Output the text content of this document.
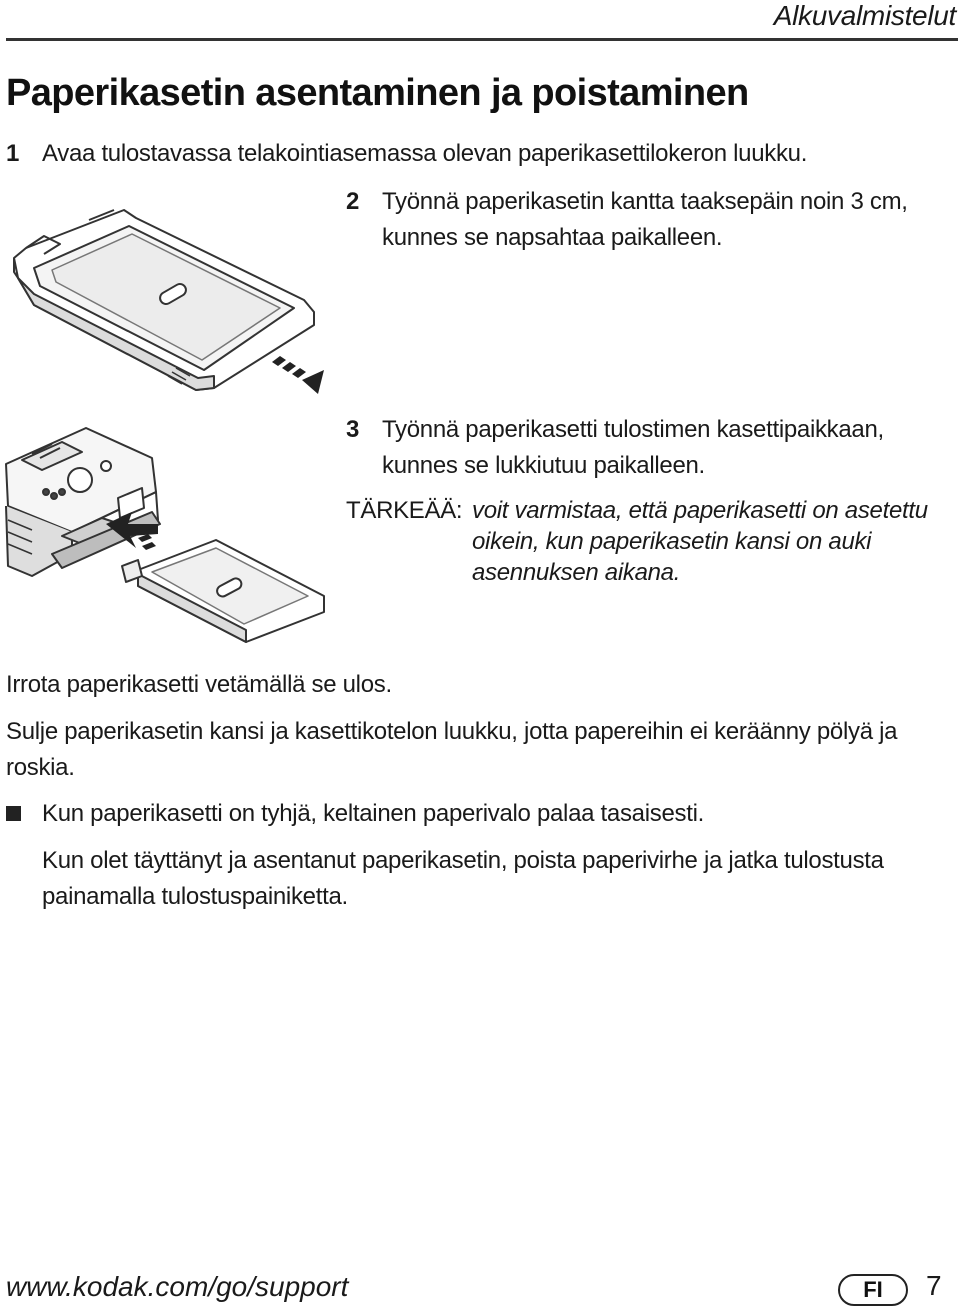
Alkuvalmistelut
Paperikasetin asentaminen ja poistaminen
1 Avaa tulostavassa telakointiasemassa olevan paperikasettilokeron luukku.
2 Työnnä paperikasetin kantta taaksepäin noin 3 cm,
kunnes se napsahtaa paikalleen.
3 Työnnä paperikasetti tulostimen kasettipaikkaan,
kunnes se lukkiutuu paikalleen.
TÄRKEÄÄ: voit varmistaa, että paperikasetti on asetettu
oikein, kun paperikasetin kansi on auki
asennuksen aikana.
Irrota paperikasetti vetämällä se ulos.
Sulje paperikasetin kansi ja kasettikotelon luukku, jotta papereihin ei keräänny pölyä ja roskia.
Kun paperikasetti on tyhjä, keltainen paperivalo palaa tasaisesti.
Kun olet täyttänyt ja asentanut paperikasetin, poista paperivirhe ja jatka tulostusta painamalla tulostuspainiketta.
www.kodak.com/go/support	FI	7
